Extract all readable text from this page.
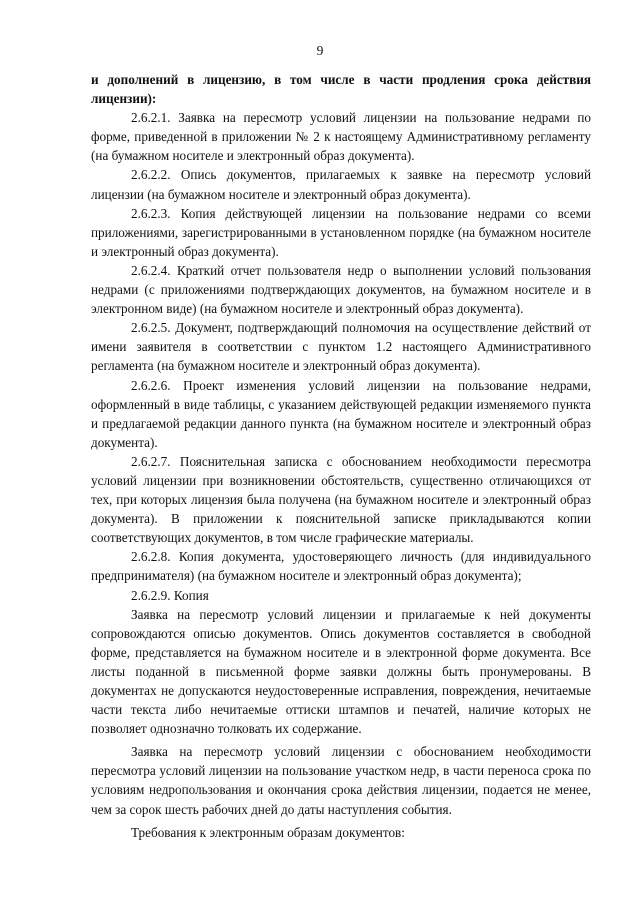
9

и дополнений в лицензию, в том числе в части продления срока действия лицензии):

2.6.2.1. Заявка на пересмотр условий лицензии на пользование недрами по форме, приведенной в приложении № 2 к настоящему Административному регламенту (на бумажном носителе и электронный образ документа).

2.6.2.2. Опись документов, прилагаемых к заявке на пересмотр условий лицензии (на бумажном носителе и электронный образ документа).

2.6.2.3. Копия действующей лицензии на пользование недрами со всеми приложениями, зарегистрированными в установленном порядке (на бумажном носителе и электронный образ документа).

2.6.2.4. Краткий отчет пользователя недр о выполнении условий пользования недрами (с приложениями подтверждающих документов, на бумажном носителе и в электронном виде) (на бумажном носителе и электронный образ документа).

2.6.2.5. Документ, подтверждающий полномочия на осуществление действий от имени заявителя в соответствии с пунктом 1.2 настоящего Административного регламента (на бумажном носителе и электронный образ документа).

2.6.2.6. Проект изменения условий лицензии на пользование недрами, оформленный в виде таблицы, с указанием действующей редакции изменяемого пункта и предлагаемой редакции данного пункта (на бумажном носителе и электронный образ документа).

2.6.2.7. Пояснительная записка с обоснованием необходимости пересмотра условий лицензии при возникновении обстоятельств, существенно отличающихся от тех, при которых лицензия была получена (на бумажном носителе и электронный образ документа). В приложении к пояснительной записке прикладываются копии соответствующих документов, в том числе графические материалы.

2.6.2.8. Копия документа, удостоверяющего личность (для индивидуального предпринимателя) (на бумажном носителе и электронный образ документа);

2.6.2.9. Копия

Заявка на пересмотр условий лицензии и прилагаемые к ней документы сопровождаются описью документов. Опись документов составляется в свободной форме, представляется на бумажном носителе и в электронной форме документа. Все листы поданной в письменной форме заявки должны быть пронумерованы. В документах не допускаются неудостоверенные исправления, повреждения, нечитаемые части текста либо нечитаемые оттиски штампов и печатей, наличие которых не позволяет однозначно толковать их содержание.

Заявка на пересмотр условий лицензии с обоснованием необходимости пересмотра условий лицензии на пользование участком недр, в части переноса срока по условиям недропользования и окончания срока действия лицензии, подается не менее, чем за сорок шесть рабочих дней до даты наступления события.

Требования к электронным образам документов:
